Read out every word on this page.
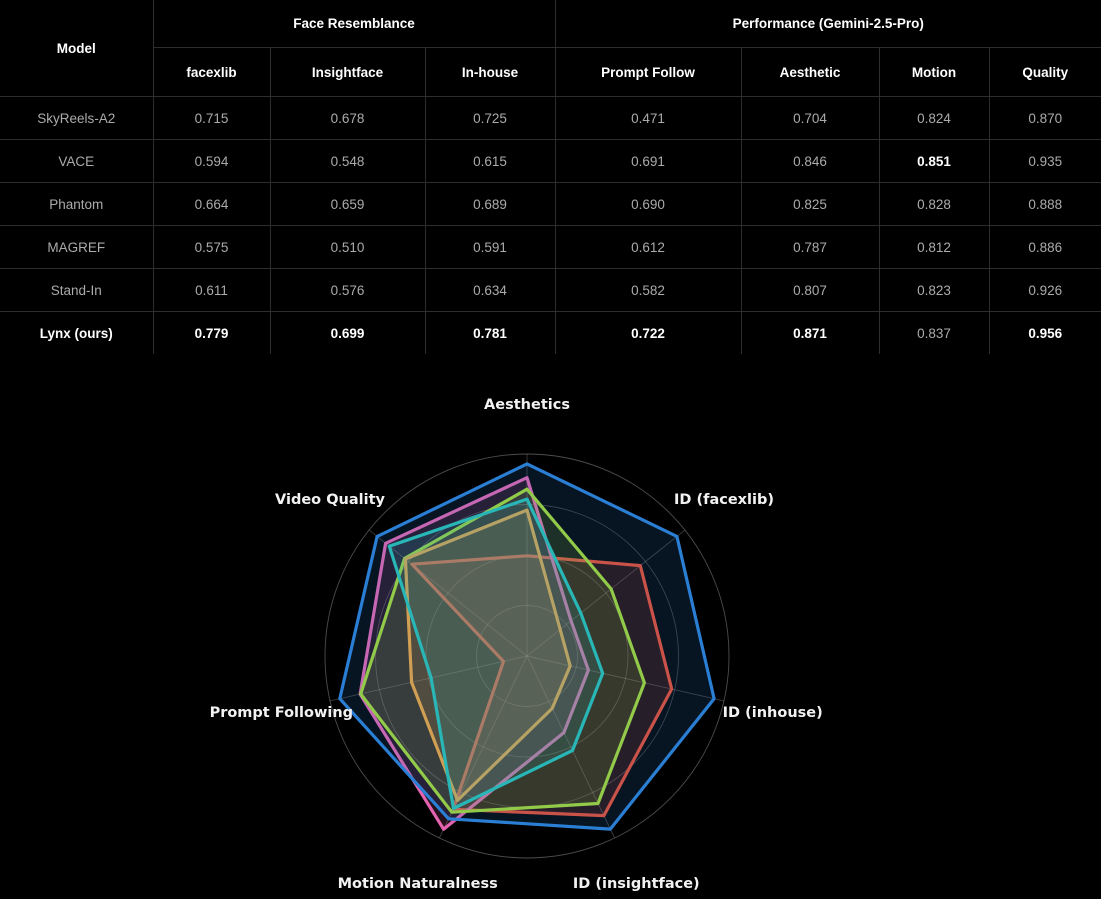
Model	Face Resemblance			Performance (Gemini-2.5-Pro)			
	facexlib	Insightface	In-house	Prompt Follow	Aesthetic	Motion	Quality
SkyReels-A2	0.715	0.678	0.725	0.471	0.704	0.824	0.870
VACE	0.594	0.548	0.615	0.691	0.846	0.851	0.935
Phantom	0.664	0.659	0.689	0.690	0.825	0.828	0.888
MAGREF	0.575	0.510	0.591	0.612	0.787	0.812	0.886
Stand-In	0.611	0.576	0.634	0.582	0.807	0.823	0.926
Lynx (ours)	0.779	0.699	0.781	0.722	0.871	0.837	0.956
Aesthetics
ID (facexlib)
ID (inhouse)
ID (insightface)
Motion Naturalness
Prompt Following
Video Quality
